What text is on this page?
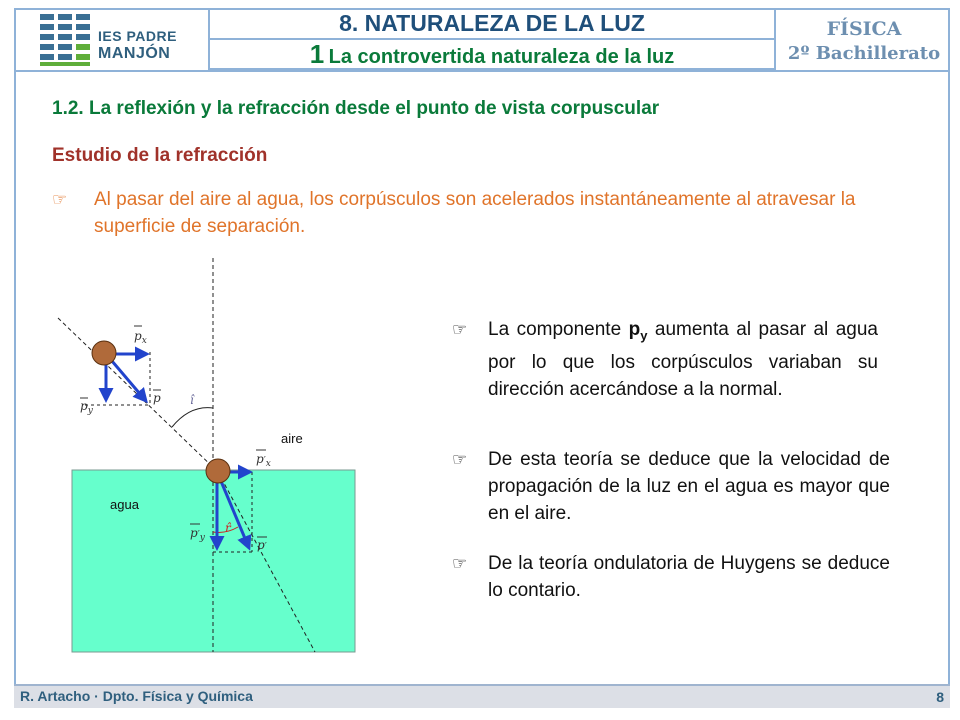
IES PADRE
MANJÓN
8. NATURALEZA DE LA LUZ
1 La controvertida naturaleza de la luz
FÍSICA
2º Bachillerato
1.2. La reflexión y la refracción desde el punto de vista corpuscular
Estudio de la refracción
☞ Al pasar del aire al agua, los corpúsculos son acelerados instantáneamente al atravesar la superficie de separación.
$p_x$
$p_y$
p î
$p'_x$
$p'_y$	p′
r̂
aire
agua
☞ La componente $p_y$ aumenta al pasar al agua por lo que los corpúsculos variaban su dirección acercándose a la normal.
☞ De esta teoría se deduce que la velocidad de propagación de la luz en el agua es mayor que en el aire.
☞ De la teoría ondulatoria de Huygens se deduce lo contario.
R. Artacho · Dpto. Física y Química	8
